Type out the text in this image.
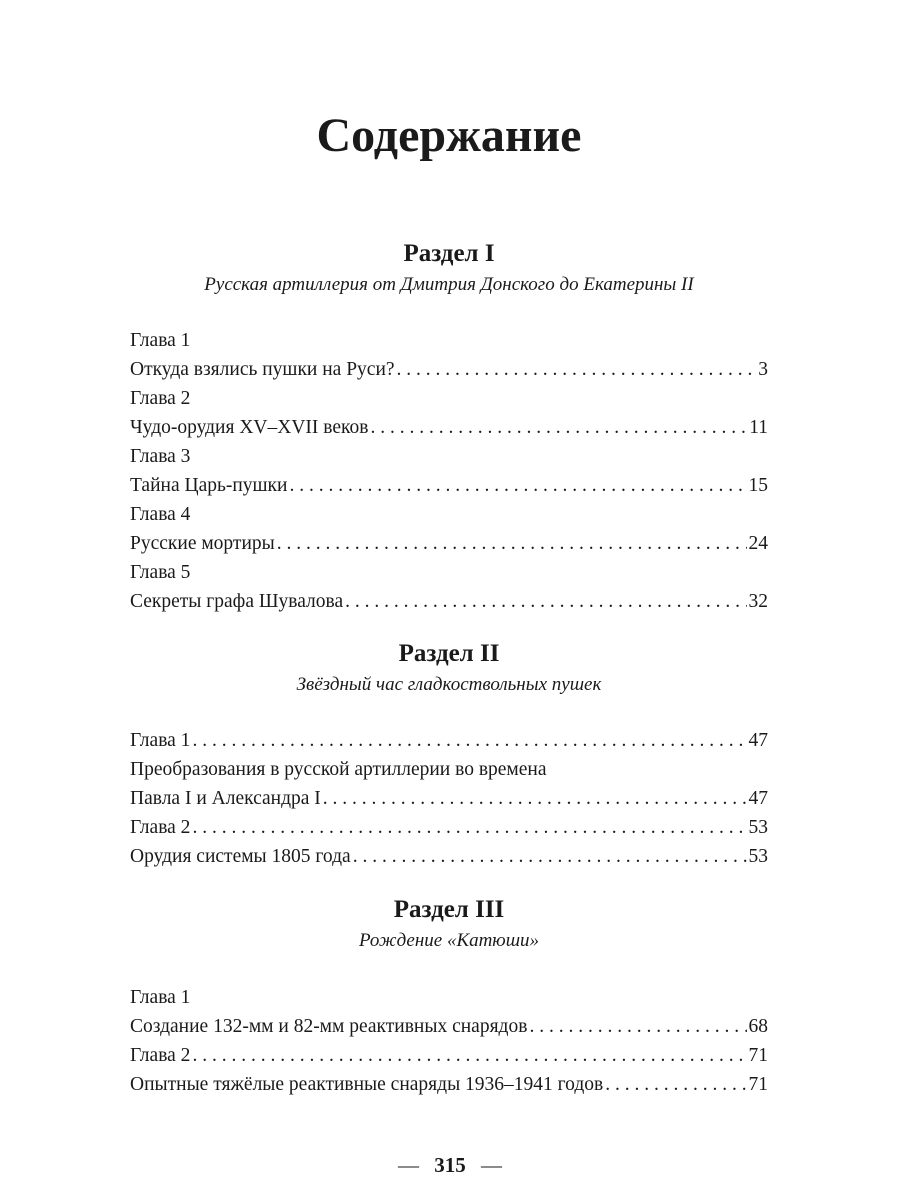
Содержание
Раздел I
Русская артиллерия от Дмитрия Донского до Екатерины II
Глава 1
Откуда взялись пушки на Руси? . . .	3
Глава 2
Чудо-орудия XV–XVII веков . . .	11
Глава 3
Тайна Царь-пушки . . .	15
Глава 4
Русские мортиры . . .	24
Глава 5
Секреты графа Шувалова . . .	32
Раздел II
Звёздный час гладкоствольных пушек
Глава 1 . . .	47
Преобразования в русской артиллерии во времена
Павла I и Александра I . . .	47
Глава 2 . . .	53
Орудия системы 1805 года . . .	53
Раздел III
Рождение «Катюши»
Глава 1
Создание 132-мм и 82-мм реактивных снарядов . . .	68
Глава 2 . . .	71
Опытные тяжёлые реактивные снаряды 1936–1941 годов . . .	71
— 315 —
